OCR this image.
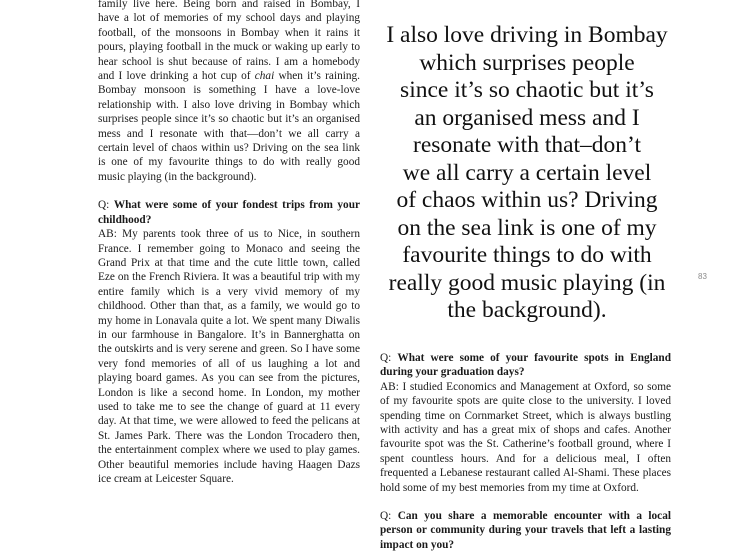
family live here. Being born and raised in Bombay, I have a lot of memories of my school days and playing football, of the monsoons in Bombay when it rains it pours, playing football in the muck or waking up early to hear school is shut because of rains. I am a homebody and I love drinking a hot cup of chai when it’s raining. Bombay monsoon is something I have a love-love relationship with. I also love driving in Bombay which surprises people since it’s so chaotic but it’s an organised mess and I resonate with that—don’t we all carry a certain level of chaos within us? Driving on the sea link is one of my favourite things to do with really good music playing (in the background).

Q: What were some of your fondest trips from your childhood?

AB: My parents took three of us to Nice, in southern France. I remember going to Monaco and seeing the Grand Prix at that time and the cute little town, called Eze on the French Riviera. It was a beautiful trip with my entire family which is a very vivid memory of my childhood. Other than that, as a family, we would go to my home in Lonavala quite a lot. We spent many Diwalis in our farmhouse in Bangalore. It’s in Bannerghatta on the outskirts and is very serene and green. So I have some very fond memories of all of us laughing a lot and playing board games. As you can see from the pictures, London is like a second home. In London, my mother used to take me to see the change of guard at 11 every day. At that time, we were allowed to feed the pelicans at St. James Park. There was the London Trocadero then, the entertainment complex where we used to play games. Other beautiful memories include having Haagen Dazs ice cream at Leicester Square.

I also love driving in Bombay
which surprises people
since it’s so chaotic but it’s
an organised mess and I
resonate with that–don’t
we all carry a certain level
of chaos within us? Driving
on the sea link is one of my
favourite things to do with
really good music playing (in
the background).
83

Q: What were some of your favourite spots in England during your graduation days?

AB: I studied Economics and Management at Oxford, so some of my favourite spots are quite close to the university. I loved spending time on Cornmarket Street, which is always bustling with activity and has a great mix of shops and cafes. Another favourite spot was the St. Catherine’s football ground, where I spent countless hours. And for a delicious meal, I often frequented a Lebanese restaurant called Al-Shami. These places hold some of my best memories from my time at Oxford.

Q: Can you share a memorable encounter with a local person or community during your travels that left a lasting impact on you?
